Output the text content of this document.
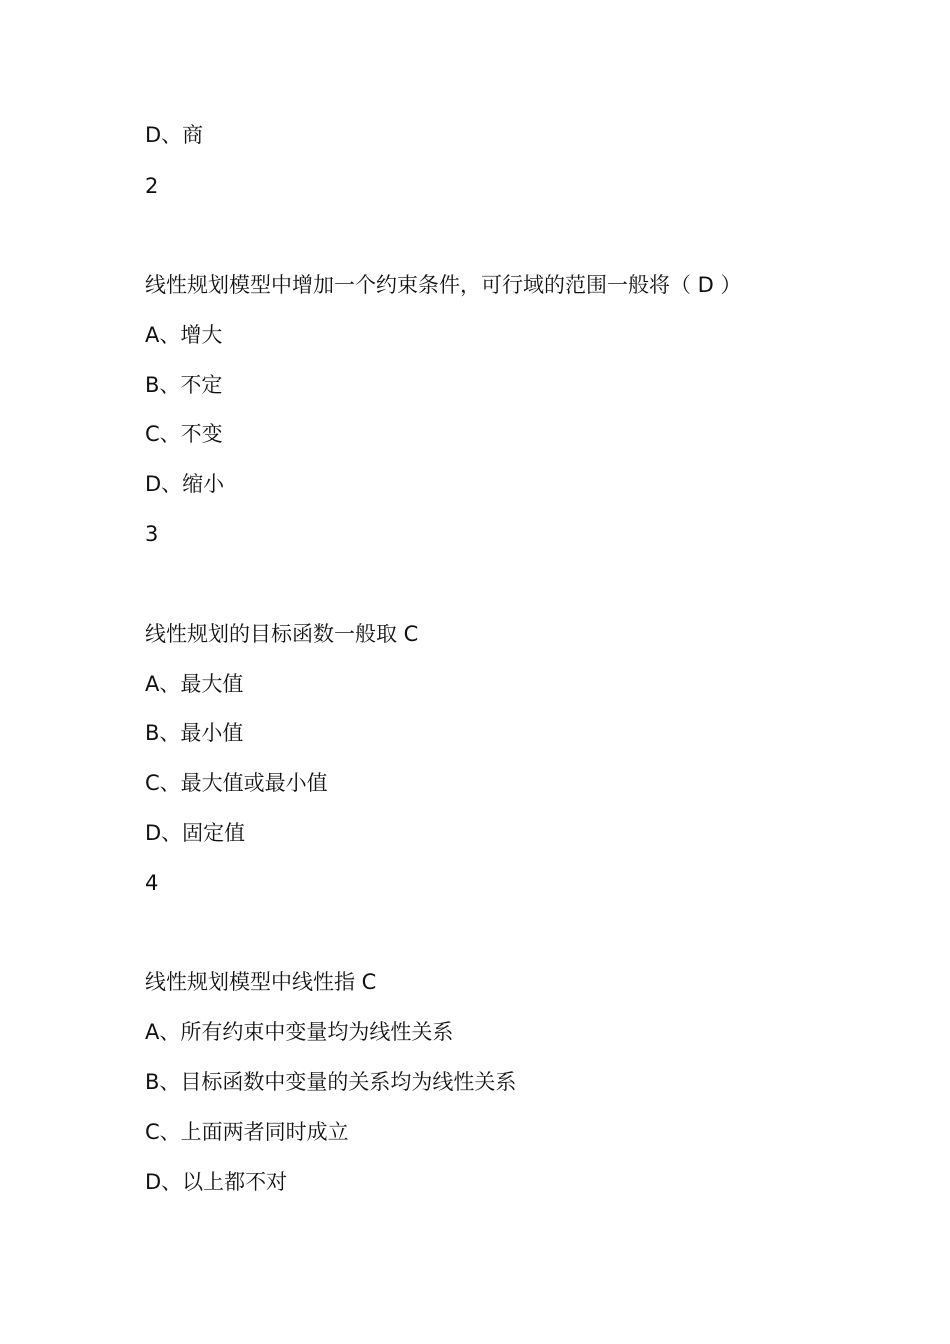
D、商
2
线性规划模型中增加一个约束条件，可行域的范围一般将（ D ）
A、增大
B、不定
C、不变
D、缩小
3
线性规划的目标函数一般取 C
A、最大值
B、最小值
C、最大值或最小值
D、固定值
4
线性规划模型中线性指 C
A、所有约束中变量均为线性关系
B、目标函数中变量的关系均为线性关系
C、上面两者同时成立
D、以上都不对
